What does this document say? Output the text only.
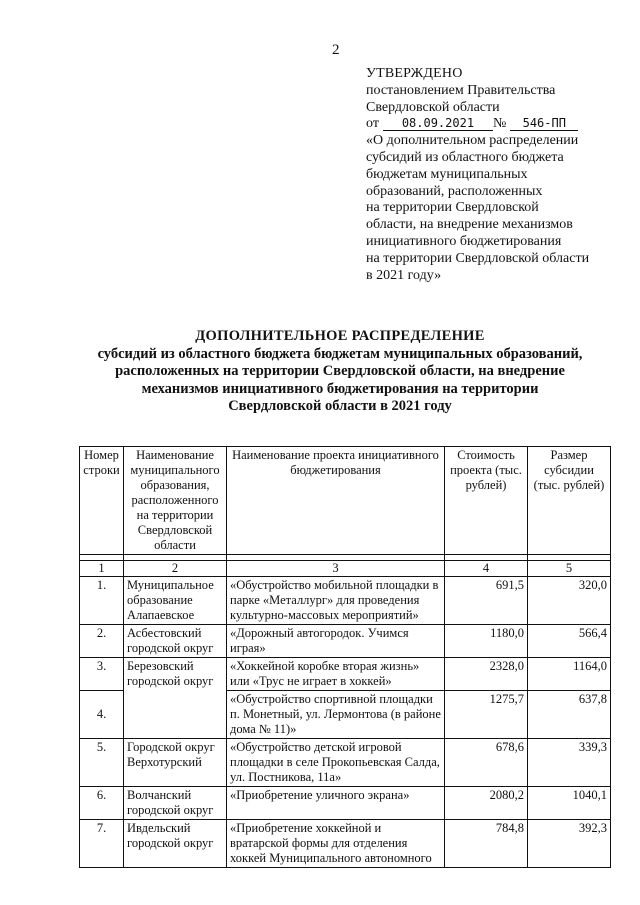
2
УТВЕРЖДЕНО
постановлением Правительства
Свердловской области
от	08.09.2021	№	546-ПП
«О дополнительном распределении
субсидий из областного бюджета
бюджетам муниципальных
образований, расположенных
на территории Свердловской
области, на внедрение механизмов
инициативного бюджетирования
на территории Свердловской области
в 2021 году»
ДОПОЛНИТЕЛЬНОЕ РАСПРЕДЕЛЕНИЕ
субсидий из областного бюджета бюджетам муниципальных образований,
расположенных на территории Свердловской области, на внедрение
механизмов инициативного бюджетирования на территории
Свердловской области в 2021 году
Номер строки	Наименование муниципального образования, расположенного на территории Свердловской области	Наименование проекта инициативного бюджетирования	Стоимость проекта (тыс. рублей)	Размер субсидии (тыс. рублей)

1	2	3	4	5
1.	Муниципальное образование Алапаевское	«Обустройство мобильной площадки в парке «Металлург» для проведения культурно-массовых мероприятий»	691,5	320,0
2.	Асбестовский городской округ	«Дорожный автогородок. Учимся играя»	1180,0	566,4
3.	Березовский городской округ	«Хоккейной коробке вторая жизнь» или «Трус не играет в хоккей»	2328,0	1164,0
4.		«Обустройство спортивной площадки п. Монетный, ул. Лермонтова (в районе дома № 11)»	1275,7	637,8
5.	Городской округ Верхотурский	«Обустройство детской игровой площадки в селе Прокопьевская Салда, ул. Постникова, 11а»	678,6	339,3
6.	Волчанский городской округ	«Приобретение уличного экрана»	2080,2	1040,1
7.	Ивдельский городской округ	«Приобретение хоккейной и вратарской формы для отделения хоккей Муниципального автономного	784,8	392,3
